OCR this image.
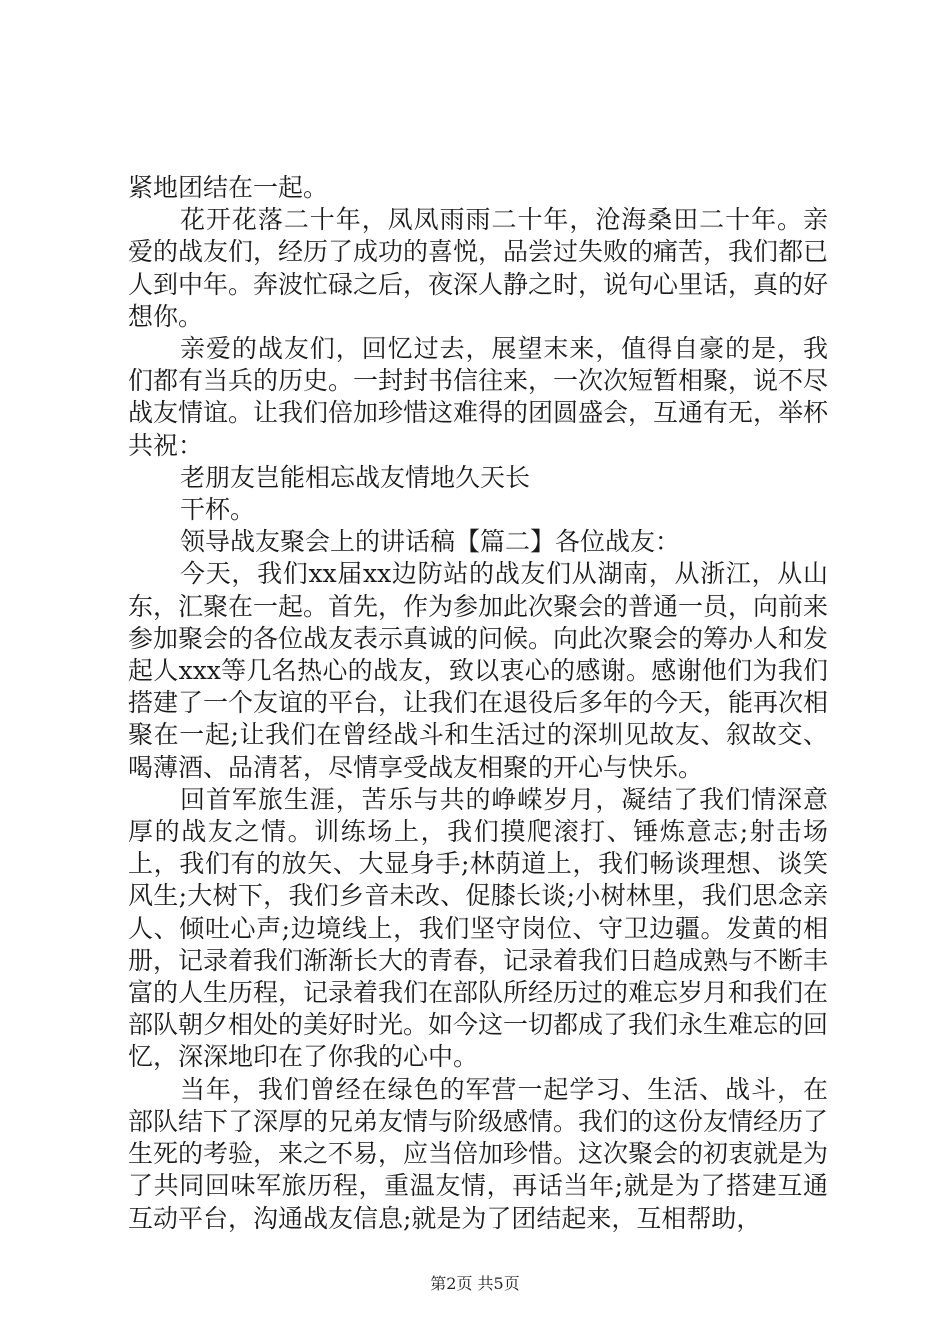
紧地团结在一起。

花开花落二十年，凤凤雨雨二十年，沧海桑田二十年。亲爱的战友们，经历了成功的喜悦，品尝过失败的痛苦，我们都已人到中年。奔波忙碌之后，夜深人静之时，说句心里话，真的好想你。

亲爱的战友们，回忆过去，展望末来，值得自豪的是，我们都有当兵的历史。一封封书信往来，一次次短暂相聚，说不尽战友情谊。让我们倍加珍惜这难得的团圆盛会，互通有无，举杯共祝：

老朋友岂能相忘战友情地久天长

干杯。

领导战友聚会上的讲话稿【篇二】各位战友：

今天，我们xx届xx边防站的战友们从湖南，从浙江，从山东，汇聚在一起。首先，作为参加此次聚会的普通一员，向前来参加聚会的各位战友表示真诚的问候。向此次聚会的筹办人和发起人xxx等几名热心的战友，致以衷心的感谢。感谢他们为我们搭建了一个友谊的平台，让我们在退役后多年的今天，能再次相聚在一起;让我们在曾经战斗和生活过的深圳见故友、叙故交、喝薄酒、品清茗，尽情享受战友相聚的开心与快乐。

回首军旅生涯，苦乐与共的峥嵘岁月，凝结了我们情深意厚的战友之情。训练场上，我们摸爬滚打、锤炼意志;射击场上，我们有的放矢、大显身手;林荫道上，我们畅谈理想、谈笑风生;大树下，我们乡音未改、促膝长谈;小树林里，我们思念亲人、倾吐心声;边境线上，我们坚守岗位、守卫边疆。发黄的相册，记录着我们渐渐长大的青春，记录着我们日趋成熟与不断丰富的人生历程，记录着我们在部队所经历过的难忘岁月和我们在部队朝夕相处的美好时光。如今这一切都成了我们永生难忘的回忆，深深地印在了你我的心中。

当年，我们曾经在绿色的军营一起学习、生活、战斗，在部队结下了深厚的兄弟友情与阶级感情。我们的这份友情经历了生死的考验，来之不易，应当倍加珍惜。这次聚会的初衷就是为了共同回味军旅历程，重温友情，再话当年;就是为了搭建互通互动平台，沟通战友信息;就是为了团结起来，互相帮助，

第2页 共5页
